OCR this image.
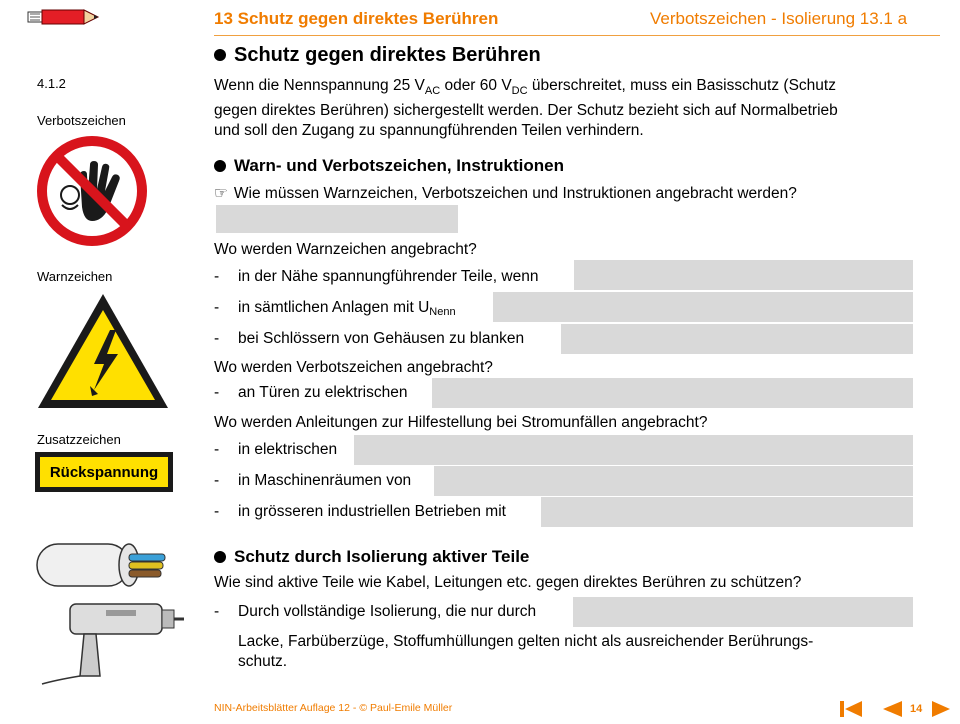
13 Schutz gegen direktes Berühren	Verbotszeichen - Isolierung 13.1 a
4.1.2
Verbotszeichen
Warnzeichen
Zusatzzeichen
Rückspannung
Schutz gegen direktes Berühren
Wenn die Nennspannung 25 $V_{AC}$ oder 60 $V_{DC}$ überschreitet, muss ein Basisschutz (Schutz
gegen direktes Berühren) sichergestellt werden. Der Schutz bezieht sich auf Normalbetrieb
und soll den Zugang zu spannungführenden Teilen verhindern.
Warn- und Verbotszeichen, Instruktionen
☞ Wie müssen Warnzeichen, Verbotszeichen und Instruktionen angebracht werden?
Wo werden Warnzeichen angebracht?
-	in der Nähe spannungführender Teile, wenn
-	in sämtlichen Anlagen mit $U_{Nenn}$
-	bei Schlössern von Gehäusen zu blanken
Wo werden Verbotszeichen angebracht?
-	an Türen zu elektrischen
Wo werden Anleitungen zur Hilfestellung bei Stromunfällen angebracht?
-	in elektrischen
-	in Maschinenräumen von
-	in grösseren industriellen Betrieben mit
Schutz durch Isolierung aktiver Teile
Wie sind aktive Teile wie Kabel, Leitungen etc. gegen direktes Berühren zu schützen?
-	Durch vollständige Isolierung, die nur durch
Lacke, Farbüberzüge, Stoffumhüllungen gelten nicht als ausreichender Berührungs-
schutz.
NIN-Arbeitsblätter Auflage 12 - © Paul-Emile Müller	14
